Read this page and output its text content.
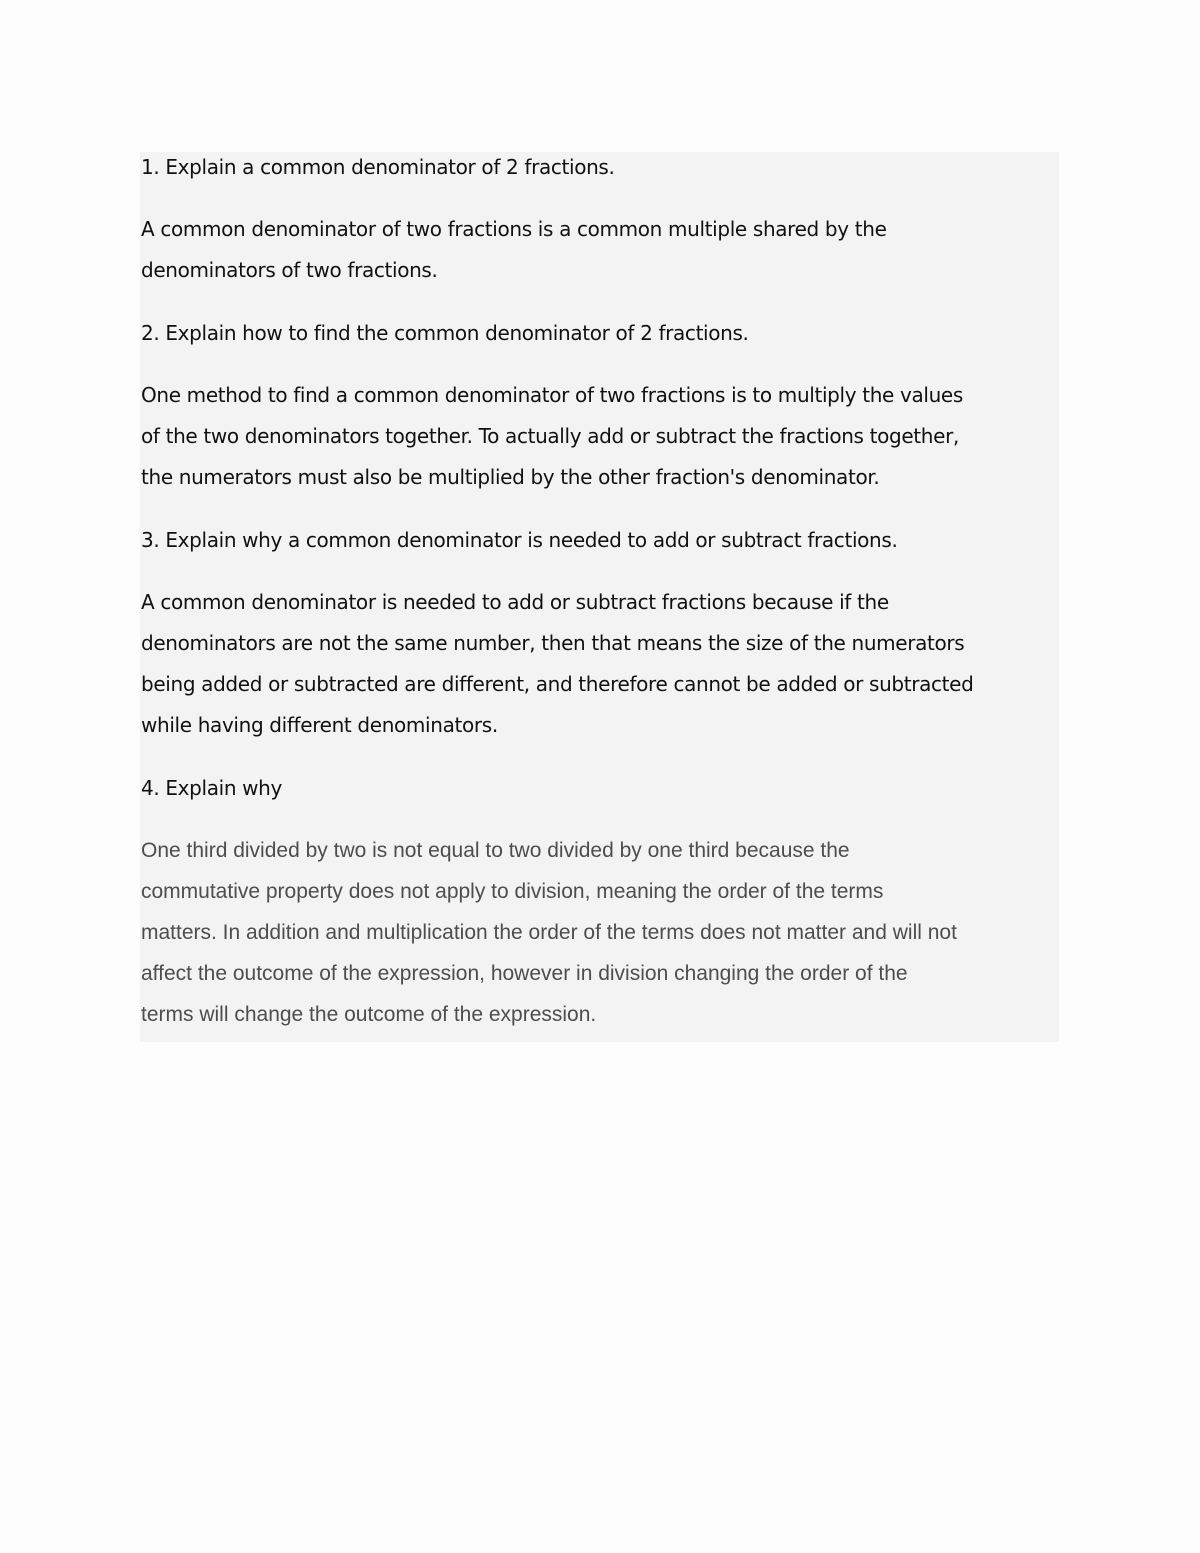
1. Explain a common denominator of 2 fractions.

A common denominator of two fractions is a common multiple shared by the
denominators of two fractions.

2. Explain how to find the common denominator of 2 fractions.

One method to find a common denominator of two fractions is to multiply the values
of the two denominators together. To actually add or subtract the fractions together,
the numerators must also be multiplied by the other fraction's denominator.

3. Explain why a common denominator is needed to add or subtract fractions.

A common denominator is needed to add or subtract fractions because if the
denominators are not the same number, then that means the size of the numerators
being added or subtracted are different, and therefore cannot be added or subtracted
while having different denominators.

4. Explain why

One third divided by two is not equal to two divided by one third because the
commutative property does not apply to division, meaning the order of the terms
matters. In addition and multiplication the order of the terms does not matter and will not
affect the outcome of the expression, however in division changing the order of the
terms will change the outcome of the expression.
